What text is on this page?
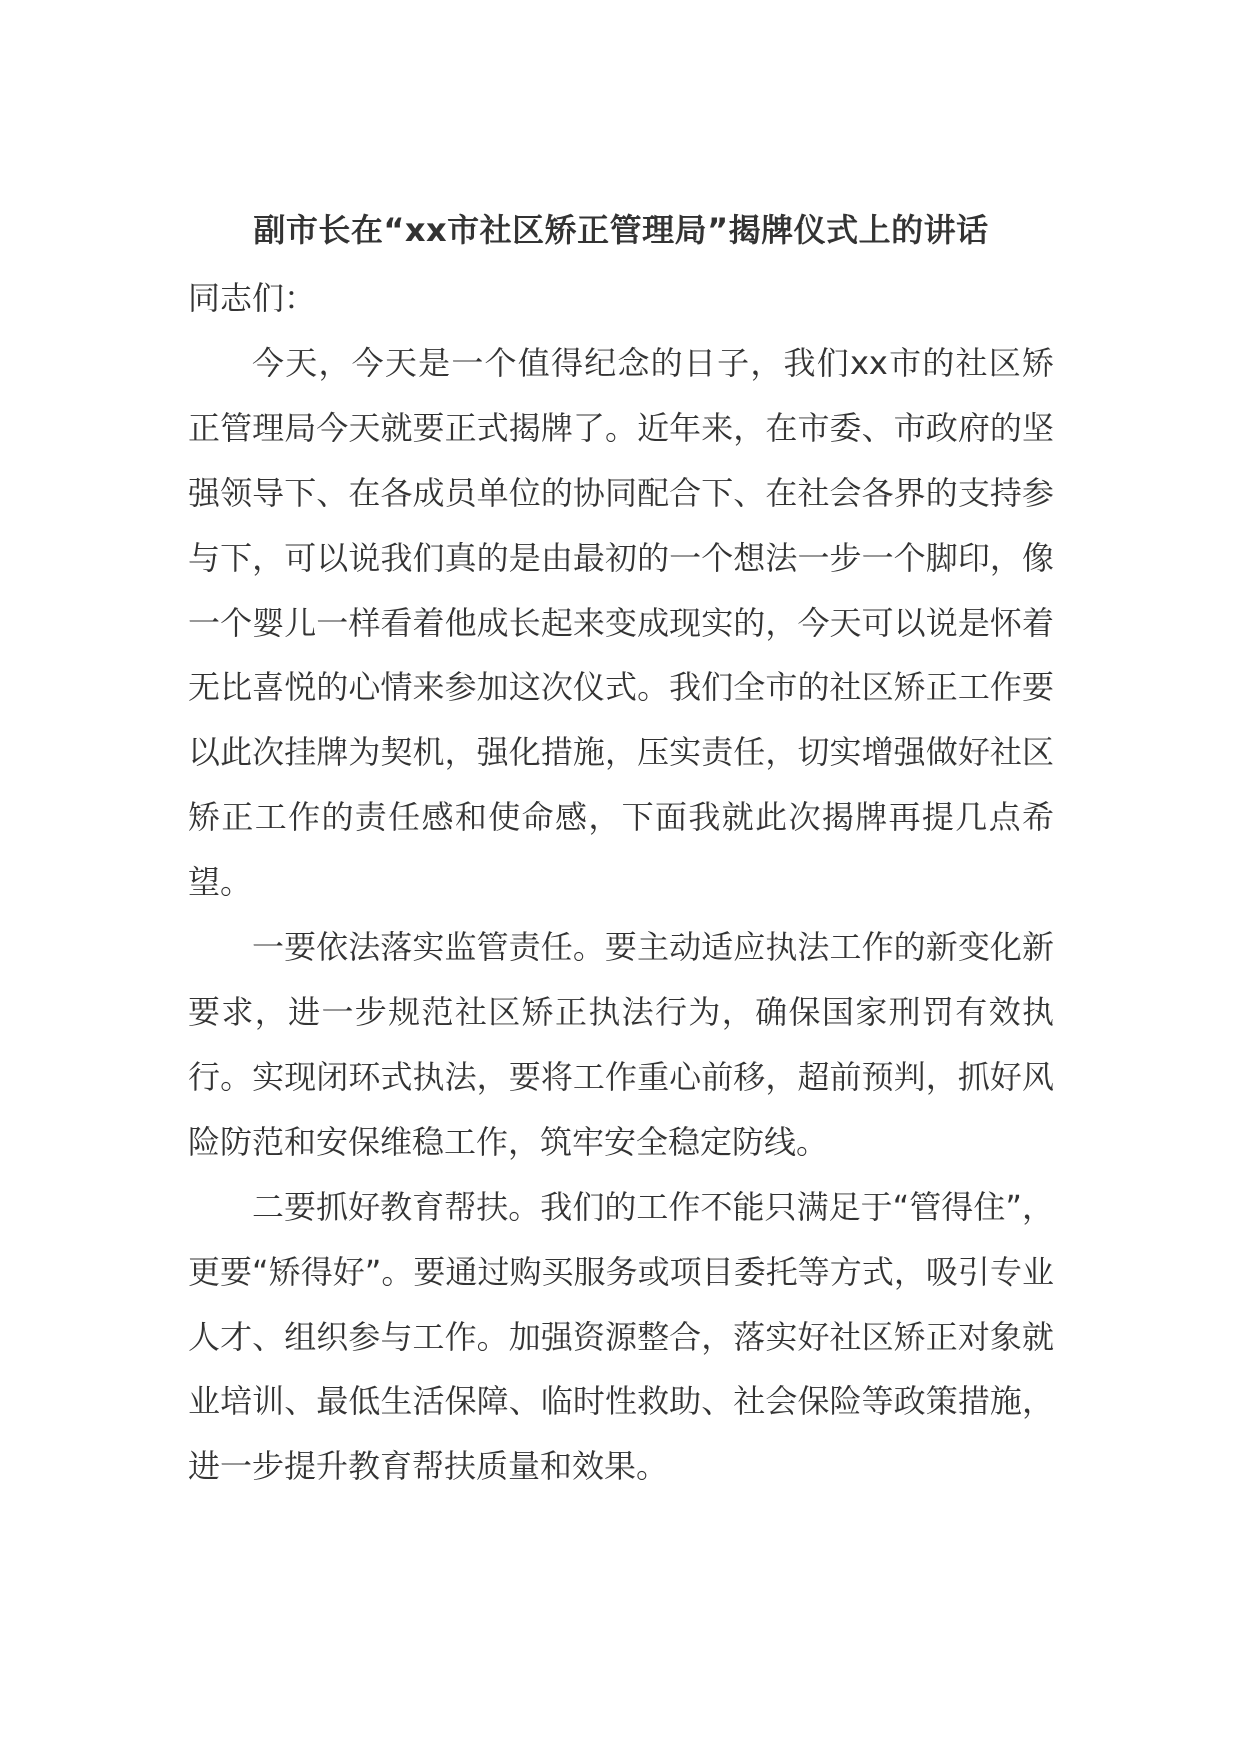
副市长在“xx市社区矫正管理局”揭牌仪式上的讲话

同志们：

今天，今天是一个值得纪念的日子，我们xx市的社区矫正管理局今天就要正式揭牌了。近年来，在市委、市政府的坚强领导下、在各成员单位的协同配合下、在社会各界的支持参与下，可以说我们真的是由最初的一个想法一步一个脚印，像一个婴儿一样看着他成长起来变成现实的，今天可以说是怀着无比喜悦的心情来参加这次仪式。我们全市的社区矫正工作要以此次挂牌为契机，强化措施，压实责任，切实增强做好社区矫正工作的责任感和使命感，下面我就此次揭牌再提几点希望。

一要依法落实监管责任。要主动适应执法工作的新变化新要求，进一步规范社区矫正执法行为，确保国家刑罚有效执行。实现闭环式执法，要将工作重心前移，超前预判，抓好风险防范和安保维稳工作，筑牢安全稳定防线。

二要抓好教育帮扶。我们的工作不能只满足于“管得住”，更要“矫得好”。要通过购买服务或项目委托等方式，吸引专业人才、组织参与工作。加强资源整合，落实好社区矫正对象就业培训、最低生活保障、临时性救助、社会保险等政策措施，进一步提升教育帮扶质量和效果。
